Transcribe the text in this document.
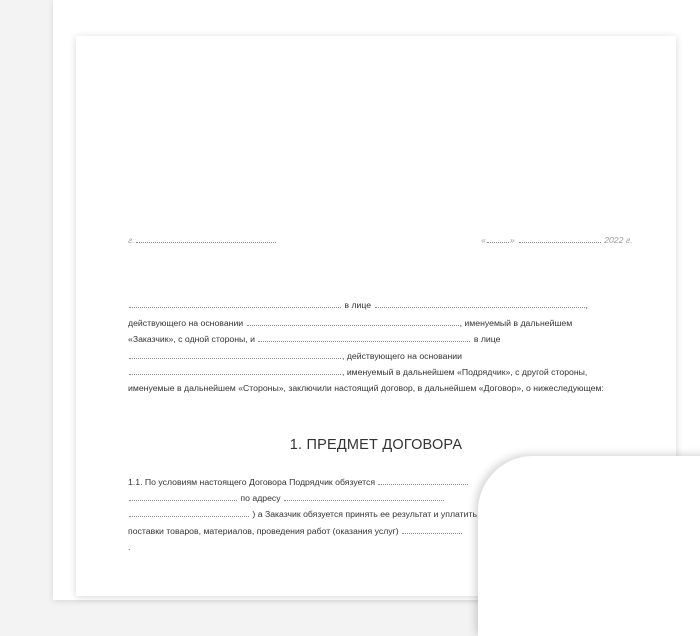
г.	«	»	2022 г.
в лице	,
действующего на основании	, именуемый в дальнейшем
«Заказчик», с одной стороны, и	в лице
, действующего на основании
, именуемый в дальнейшем «Подрядчик», с другой стороны,
именуемые в дальнейшем «Стороны», заключили настоящий договор, в дальнейшем «Договор», о нижеследующем:
1. ПРЕДМЕТ ДОГОВОРА
1.1. По условиям настоящего Договора Подрядчик обязуется
по адресу
) а Заказчик обязуется принять ее результат и уплатить
поставки товаров, материалов, проведения работ (оказания услуг)
.
